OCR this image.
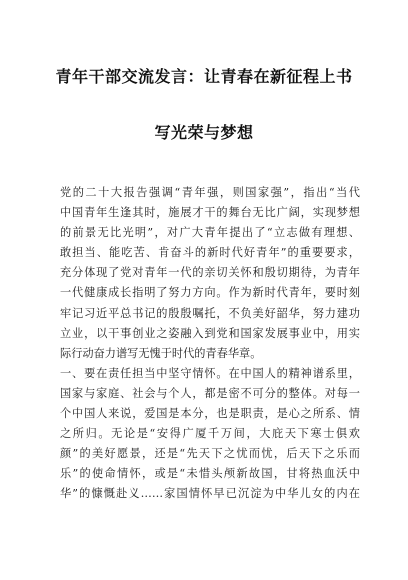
青年干部交流发言：让青春在新征程上书
写光荣与梦想
党的二十大报告强调“青年强，则国家强”，指出“当代
中国青年生逢其时，施展才干的舞台无比广阔，实现梦想
的前景无比光明”，对广大青年提出了“立志做有理想、
敢担当、能吃苦、肯奋斗的新时代好青年”的重要要求，
充分体现了党对青年一代的亲切关怀和殷切期待，为青年
一代健康成长指明了努力方向。作为新时代青年，要时刻
牢记习近平总书记的殷殷嘱托，不负美好韶华，努力建功
立业，以干事创业之姿融入到党和国家发展事业中，用实
际行动奋力谱写无愧于时代的青春华章。
一、要在责任担当中坚守情怀。在中国人的精神谱系里，
国家与家庭、社会与个人，都是密不可分的整体。对每一
个中国人来说，爱国是本分，也是职责，是心之所系、情
之所归。无论是“安得广厦千万间，大庇天下寒士俱欢
颜”的美好愿景，还是“先天下之忧而忧，后天下之乐而
乐”的使命情怀，或是“未惜头颅新故国，甘将热血沃中
华”的慷慨赴义……家国情怀早已沉淀为中华儿女的内在
